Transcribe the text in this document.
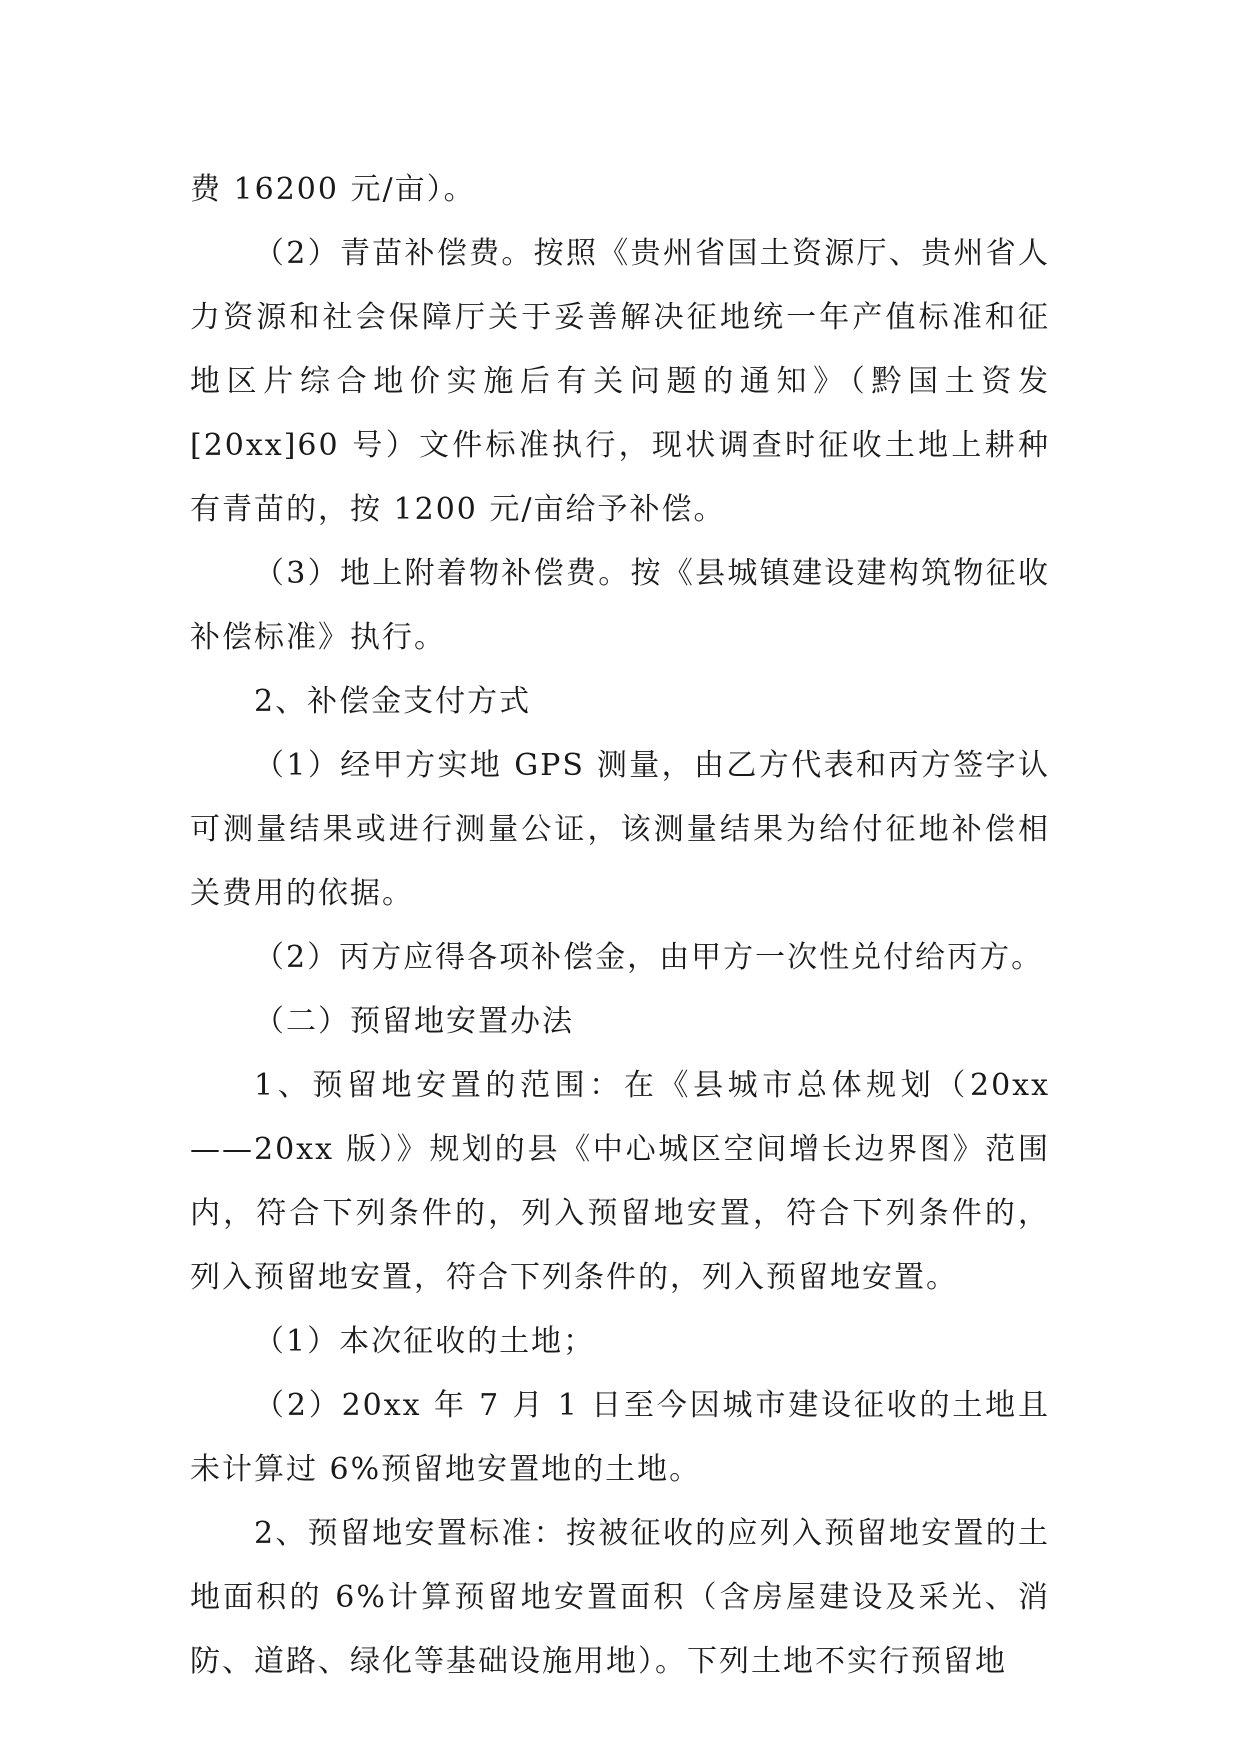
费 16200 元/亩）。

（2）青苗补偿费。按照《贵州省国土资源厅、贵州省人力资源和社会保障厅关于妥善解决征地统一年产值标准和征地区片综合地价实施后有关问题的通知》（黔国土资发[20xx]60 号）文件标准执行，现状调查时征收土地上耕种有青苗的，按 1200 元/亩给予补偿。

（3）地上附着物补偿费。按《县城镇建设建构筑物征收补偿标准》执行。

2、补偿金支付方式

（1）经甲方实地 GPS 测量，由乙方代表和丙方签字认可测量结果或进行测量公证，该测量结果为给付征地补偿相关费用的依据。

（2）丙方应得各项补偿金，由甲方一次性兑付给丙方。

（二）预留地安置办法

1、预留地安置的范围：在《县城市总体规划（20xx——20xx 版）》规划的县《中心城区空间增长边界图》范围内，符合下列条件的，列入预留地安置，符合下列条件的，列入预留地安置，符合下列条件的，列入预留地安置。

（1）本次征收的土地；

（2）20xx 年 7 月 1 日至今因城市建设征收的土地且未计算过 6%预留地安置地的土地。

2、预留地安置标准：按被征收的应列入预留地安置的土地面积的 6%计算预留地安置面积（含房屋建设及采光、消防、道路、绿化等基础设施用地）。下列土地不实行预留地
